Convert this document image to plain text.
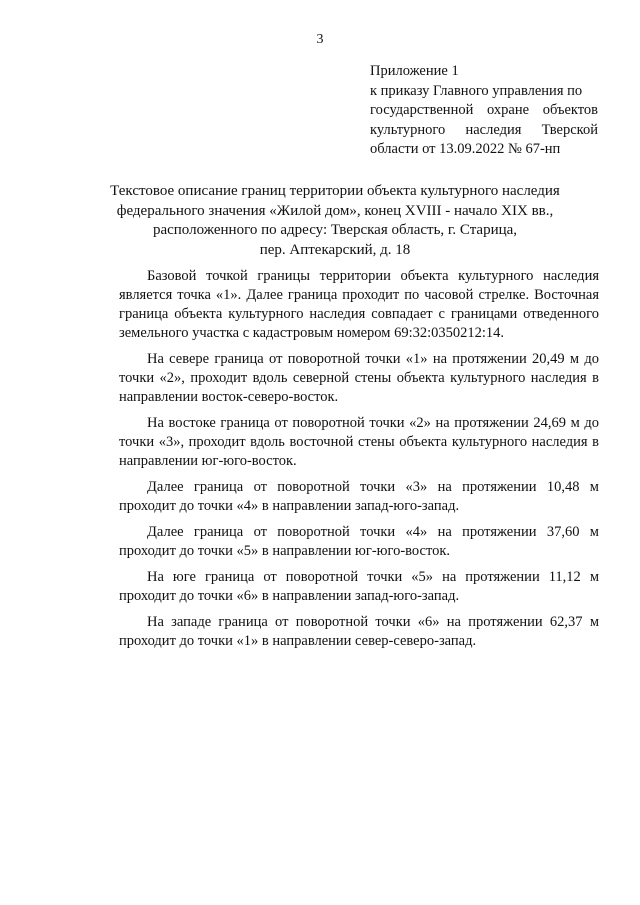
3
Приложение 1
к приказу Главного управления по
государственной охране объектов
культурного наследия Тверской
области от 13.09.2022 № 67-нп
Текстовое описание границ территории объекта культурного наследия
федерального значения «Жилой дом», конец XVIII - начало XIX вв.,
расположенного по адресу: Тверская область, г. Старица,
пер. Аптекарский, д. 18
Базовой точкой границы территории объекта культурного наследия
является точка «1». Далее граница проходит по часовой стрелке. Восточная
граница объекта культурного наследия совпадает с границами отведенного
земельного участка с кадастровым номером 69:32:0350212:14.
На севере граница от поворотной точки «1» на протяжении 20,49 м до
точки «2», проходит вдоль северной стены объекта культурного наследия в
направлении восток-северо-восток.
На востоке граница от поворотной точки «2» на протяжении 24,69 м до
точки «3», проходит вдоль восточной стены объекта культурного наследия в
направлении юг-юго-восток.
Далее граница от поворотной точки «3» на протяжении 10,48 м
проходит до точки «4» в направлении запад-юго-запад.
Далее граница от поворотной точки «4» на протяжении 37,60 м
проходит до точки «5» в направлении юг-юго-восток.
На юге граница от поворотной точки «5» на протяжении 11,12 м
проходит до точки «6» в направлении запад-юго-запад.
На западе граница от поворотной точки «6» на протяжении 62,37 м
проходит до точки «1» в направлении север-северо-запад.
